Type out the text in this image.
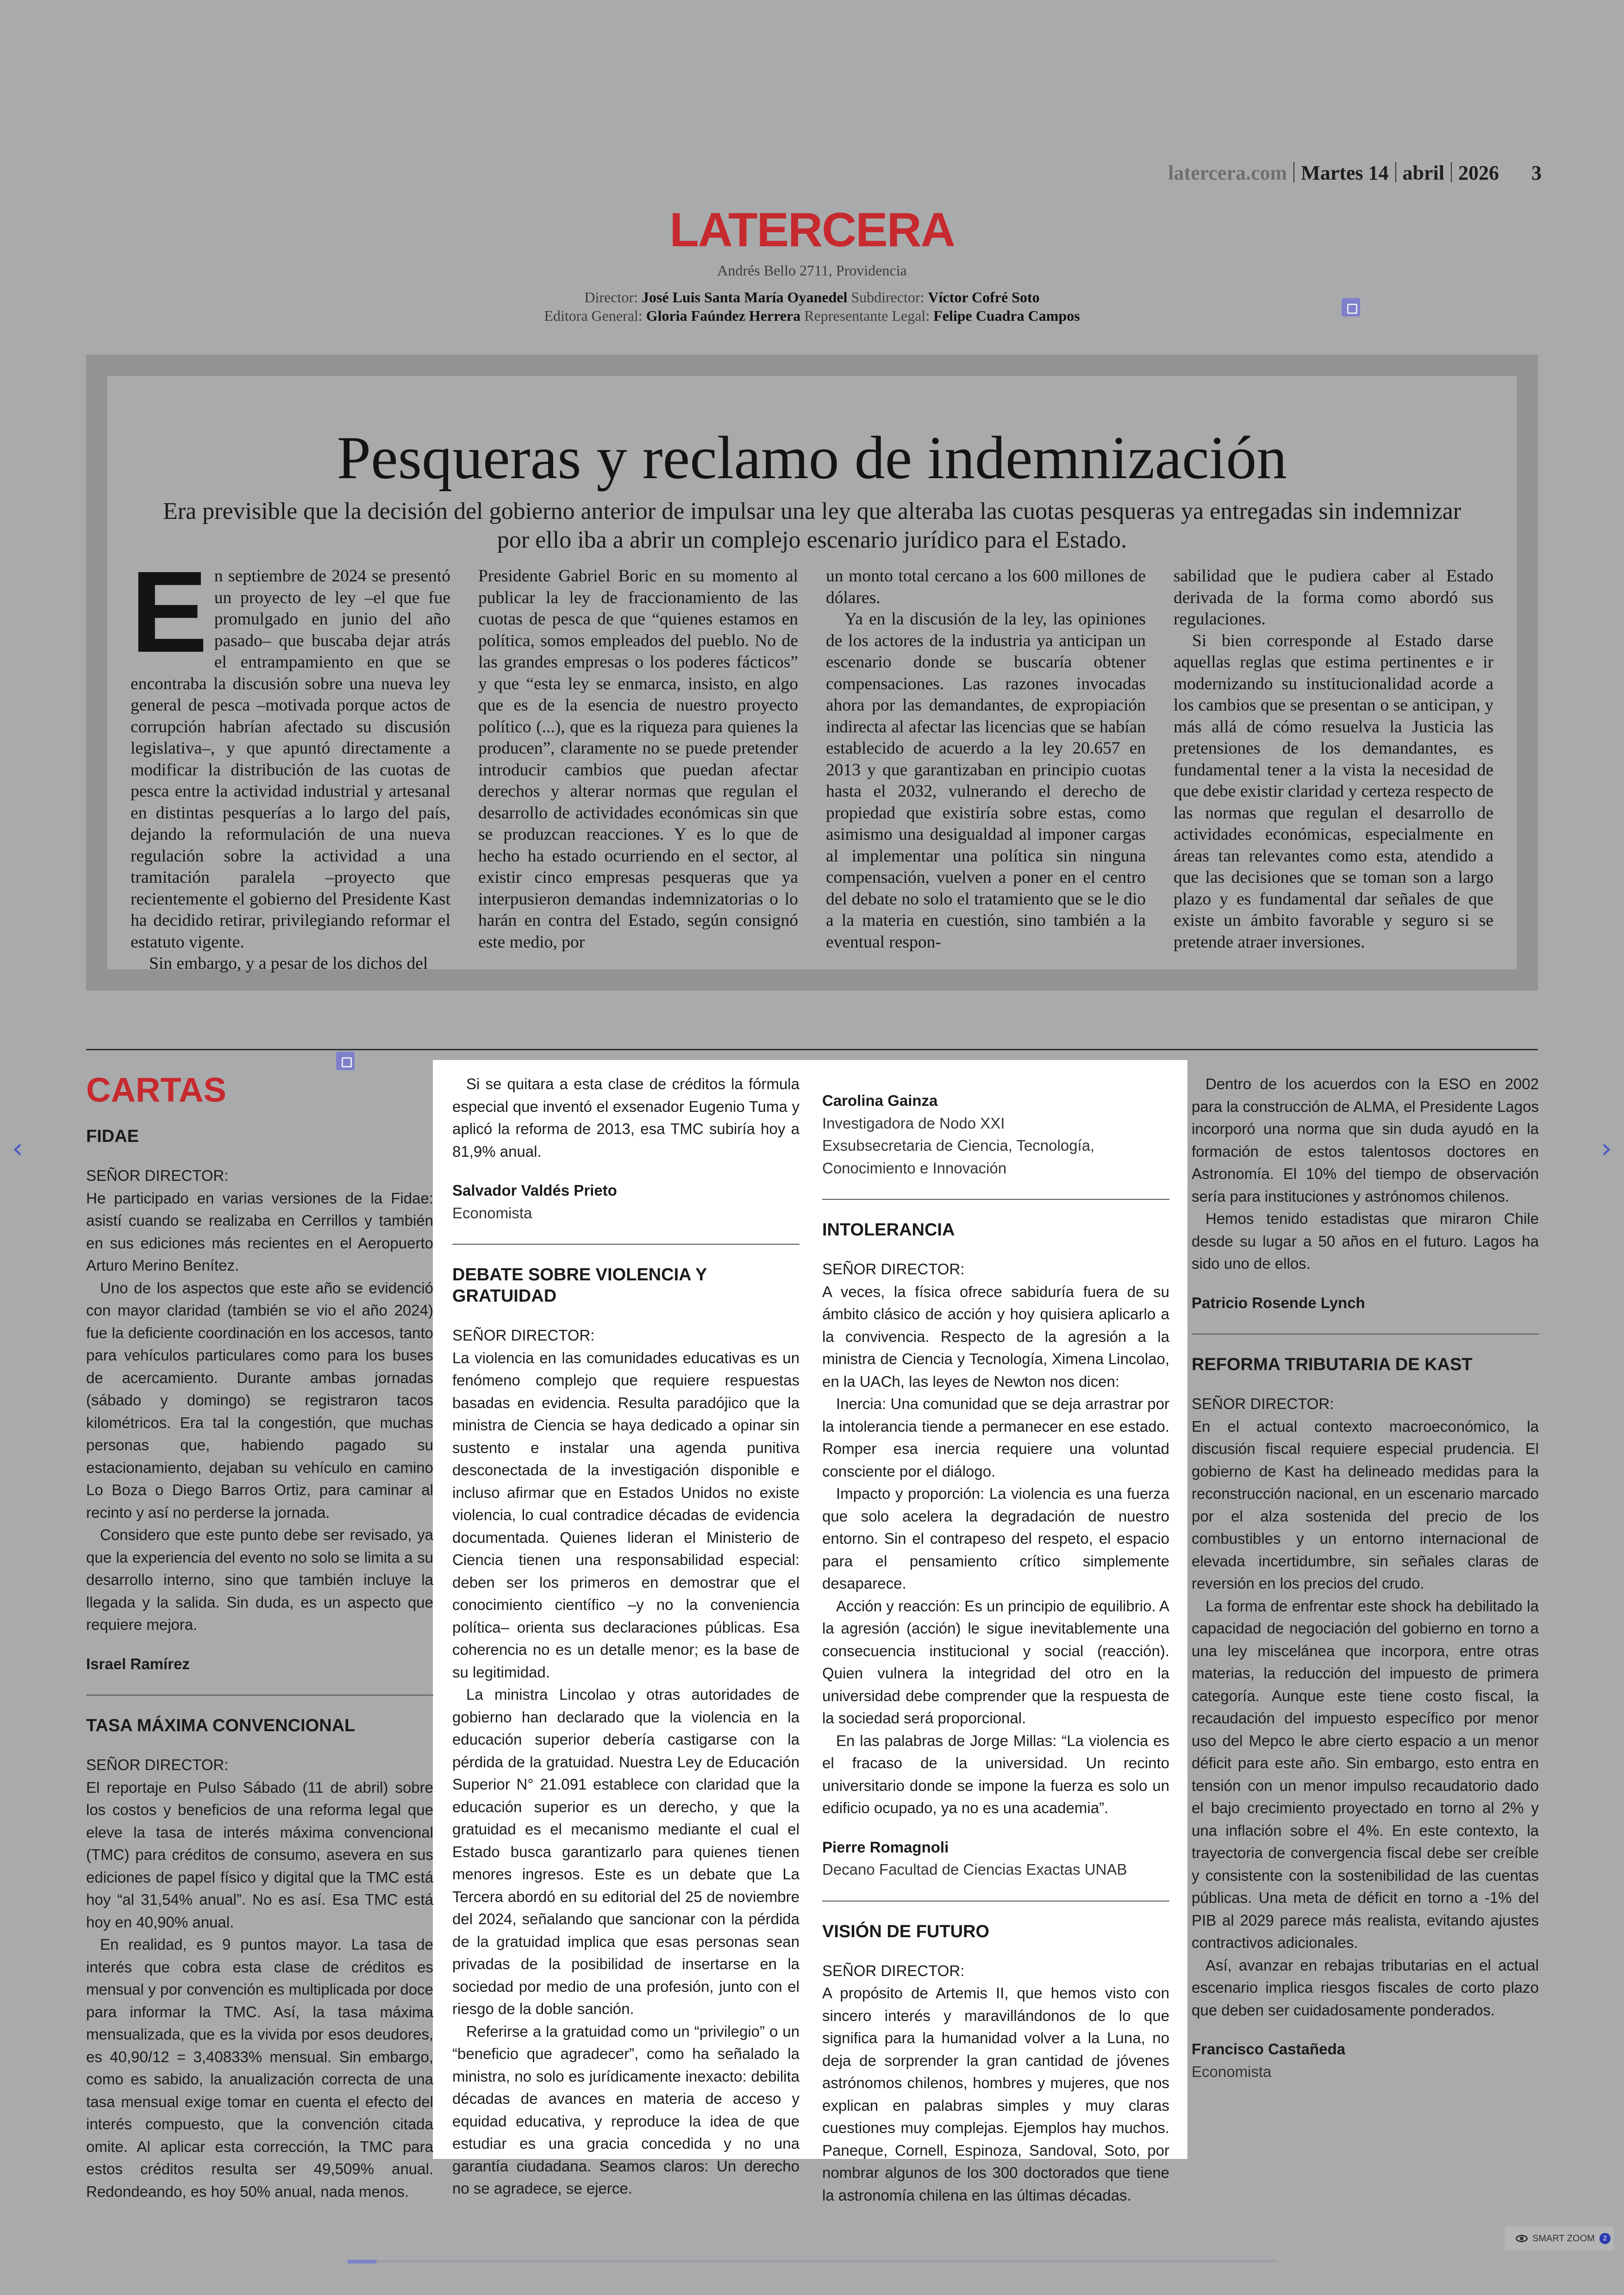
latercera.com Martes 14 abril 2026 3
LATERCERA
Andrés Bello 2711, Providencia
Director: José Luis Santa María Oyanedel Subdirector: Víctor Cofré Soto
Editora General: Gloria Faúndez Herrera Representante Legal: Felipe Cuadra Campos
Pesqueras y reclamo de indemnización
Era previsible que la decisión del gobierno anterior de impulsar una ley que alteraba las cuotas pesqueras ya entregadas sin indemnizar por ello iba a abrir un complejo escenario jurídico para el Estado.
E n septiembre de 2024 se presentó un proyecto de ley –el que fue promulgado en junio del año pasado– que buscaba dejar atrás el entrampamiento en que se encontraba la discusión sobre una nueva ley general de pesca –motivada porque actos de corrupción habrían afectado su discusión legislativa–, y que apuntó directamente a modificar la distribución de las cuotas de pesca entre la actividad industrial y artesanal en distintas pesquerías a lo largo del país, dejando la reformulación de una nueva regulación sobre la actividad a una tramitación paralela –proyecto que recientemente el gobierno del Presidente Kast ha decidido retirar, privilegiando reformar el estatuto vigente.

Sin embargo, y a pesar de los dichos del

Presidente Gabriel Boric en su momento al publicar la ley de fraccionamiento de las cuotas de pesca de que “quienes estamos en política, somos empleados del pueblo. No de las grandes empresas o los poderes fácticos” y que “esta ley se enmarca, insisto, en algo que es de la esencia de nuestro proyecto político (...), que es la riqueza para quienes la producen”, claramente no se puede pretender introducir cambios que puedan afectar derechos y alterar normas que regulan el desarrollo de actividades económicas sin que se produzcan reacciones. Y es lo que de hecho ha estado ocurriendo en el sector, al existir cinco empresas pesqueras que ya interpusieron demandas indemnizatorias o lo harán en contra del Estado, según consignó este medio, por

un monto total cercano a los 600 millones de dólares.

Ya en la discusión de la ley, las opiniones de los actores de la industria ya anticipan un escenario donde se buscaría obtener compensaciones. Las razones invocadas ahora por las demandantes, de expropiación indirecta al afectar las licencias que se habían establecido de acuerdo a la ley 20.657 en 2013 y que garantizaban en principio cuotas hasta el 2032, vulnerando el derecho de propiedad que existiría sobre estas, como asimismo una desigualdad al imponer cargas al implementar una política sin ninguna compensación, vuelven a poner en el centro del debate no solo el tratamiento que se le dio a la materia en cuestión, sino también a la eventual respon-

sabilidad que le pudiera caber al Estado derivada de la forma como abordó sus regulaciones.

Si bien corresponde al Estado darse aquellas reglas que estima pertinentes e ir modernizando su institucionalidad acorde a los cambios que se presentan o se anticipan, y más allá de cómo resuelva la Justicia las pretensiones de los demandantes, es fundamental tener a la vista la necesidad de que debe existir claridad y certeza respecto de las normas que regulan el desarrollo de actividades económicas, especialmente en áreas tan relevantes como esta, atendido a que las decisiones que se toman son a largo plazo y es fundamental dar señales de que existe un ámbito favorable y seguro si se pretende atraer inversiones.

CARTAS
FIDAE

SEÑOR DIRECTOR:

He participado en varias versiones de la Fidae: asistí cuando se realizaba en Cerrillos y también en sus ediciones más recientes en el Aeropuerto Arturo Merino Benítez.

Uno de los aspectos que este año se evidenció con mayor claridad (también se vio el año 2024) fue la deficiente coordinación en los accesos, tanto para vehículos particulares como para los buses de acercamiento. Durante ambas jornadas (sábado y domingo) se registraron tacos kilométricos. Era tal la congestión, que muchas personas que, habiendo pagado su estacionamiento, dejaban su vehículo en camino Lo Boza o Diego Barros Ortiz, para caminar al recinto y así no perderse la jornada.

Considero que este punto debe ser revisado, ya que la experiencia del evento no solo se limita a su desarrollo interno, sino que también incluye la llegada y la salida. Sin duda, es un aspecto que requiere mejora.

Israel Ramírez

TASA MÁXIMA CONVENCIONAL

SEÑOR DIRECTOR:

El reportaje en Pulso Sábado (11 de abril) sobre los costos y beneficios de una reforma legal que eleve la tasa de interés máxima convencional (TMC) para créditos de consumo, asevera en sus ediciones de papel físico y digital que la TMC está hoy “al 31,54% anual”. No es así. Esa TMC está hoy en 40,90% anual.

En realidad, es 9 puntos mayor. La tasa de interés que cobra esta clase de créditos es mensual y por convención es multiplicada por doce para informar la TMC. Así, la tasa máxima mensualizada, que es la vivida por esos deudores, es 40,90/12 = 3,40833% mensual. Sin embargo, como es sabido, la anualización correcta de una tasa mensual exige tomar en cuenta el efecto del interés compuesto, que la convención citada omite. Al aplicar esta corrección, la TMC para estos créditos resulta ser 49,509% anual. Redondeando, es hoy 50% anual, nada menos.

Si se quitara a esta clase de créditos la fórmula especial que inventó el exsenador Eugenio Tuma y aplicó la reforma de 2013, esa TMC subiría hoy a 81,9% anual.

Salvador Valdés Prieto

Economista

DEBATE SOBRE VIOLENCIA Y GRATUIDAD

SEÑOR DIRECTOR:

La violencia en las comunidades educativas es un fenómeno complejo que requiere respuestas basadas en evidencia. Resulta paradójico que la ministra de Ciencia se haya dedicado a opinar sin sustento e instalar una agenda punitiva desconectada de la investigación disponible e incluso afirmar que en Estados Unidos no existe violencia, lo cual contradice décadas de evidencia documentada. Quienes lideran el Ministerio de Ciencia tienen una responsabilidad especial: deben ser los primeros en demostrar que el conocimiento científico –y no la conveniencia política– orienta sus declaraciones públicas. Esa coherencia no es un detalle menor; es la base de su legitimidad.

La ministra Lincolao y otras autoridades de gobierno han declarado que la violencia en la educación superior debería castigarse con la pérdida de la gratuidad. Nuestra Ley de Educación Superior N° 21.091 establece con claridad que la educación superior es un derecho, y que la gratuidad es el mecanismo mediante el cual el Estado busca garantizarlo para quienes tienen menores ingresos. Este es un debate que La Tercera abordó en su editorial del 25 de noviembre del 2024, señalando que sancionar con la pérdida de la gratuidad implica que esas personas sean privadas de la posibilidad de insertarse en la sociedad por medio de una profesión, junto con el riesgo de la doble sanción.

Referirse a la gratuidad como un “privilegio” o un “beneficio que agradecer”, como ha señalado la ministra, no solo es jurídicamente inexacto: debilita décadas de avances en materia de acceso y equidad educativa, y reproduce la idea de que estudiar es una gracia concedida y no una garantía ciudadana. Seamos claros: Un derecho no se agradece, se ejerce.

Carolina Gainza

Investigadora de Nodo XXI

Exsubsecretaria de Ciencia, Tecnología, Conocimiento e Innovación

INTOLERANCIA

SEÑOR DIRECTOR:

A veces, la física ofrece sabiduría fuera de su ámbito clásico de acción y hoy quisiera aplicarlo a la convivencia. Respecto de la agresión a la ministra de Ciencia y Tecnología, Ximena Lincolao, en la UACh, las leyes de Newton nos dicen:

Inercia: Una comunidad que se deja arrastrar por la intolerancia tiende a permanecer en ese estado. Romper esa inercia requiere una voluntad consciente por el diálogo.

Impacto y proporción: La violencia es una fuerza que solo acelera la degradación de nuestro entorno. Sin el contrapeso del respeto, el espacio para el pensamiento crítico simplemente desaparece.

Acción y reacción: Es un principio de equilibrio. A la agresión (acción) le sigue inevitablemente una consecuencia institucional y social (reacción). Quien vulnera la integridad del otro en la universidad debe comprender que la respuesta de la sociedad será proporcional.

En las palabras de Jorge Millas: “La violencia es el fracaso de la universidad. Un recinto universitario donde se impone la fuerza es solo un edificio ocupado, ya no es una academia”.

Pierre Romagnoli

Decano Facultad de Ciencias Exactas UNAB

VISIÓN DE FUTURO

SEÑOR DIRECTOR:

A propósito de Artemis II, que hemos visto con sincero interés y maravillándonos de lo que significa para la humanidad volver a la Luna, no deja de sorprender la gran cantidad de jóvenes astrónomos chilenos, hombres y mujeres, que nos explican en palabras simples y muy claras cuestiones muy complejas. Ejemplos hay muchos. Paneque, Cornell, Espinoza, Sandoval, Soto, por nombrar algunos de los 300 doctorados que tiene la astronomía chilena en las últimas décadas.

Dentro de los acuerdos con la ESO en 2002 para la construcción de ALMA, el Presidente Lagos incorporó una norma que sin duda ayudó en la formación de estos talentosos doctores en Astronomía. El 10% del tiempo de observación sería para instituciones y astrónomos chilenos.

Hemos tenido estadistas que miraron Chile desde su lugar a 50 años en el futuro. Lagos ha sido uno de ellos.

Patricio Rosende Lynch

REFORMA TRIBUTARIA DE KAST

SEÑOR DIRECTOR:

En el actual contexto macroeconómico, la discusión fiscal requiere especial prudencia. El gobierno de Kast ha delineado medidas para la reconstrucción nacional, en un escenario marcado por el alza sostenida del precio de los combustibles y un entorno internacional de elevada incertidumbre, sin señales claras de reversión en los precios del crudo.

La forma de enfrentar este shock ha debilitado la capacidad de negociación del gobierno en torno a una ley miscelánea que incorpora, entre otras materias, la reducción del impuesto de primera categoría. Aunque este tiene costo fiscal, la recaudación del impuesto específico por menor uso del Mepco le abre cierto espacio a un menor déficit para este año. Sin embargo, esto entra en tensión con un menor impulso recaudatorio dado el bajo crecimiento proyectado en torno al 2% y una inflación sobre el 4%. En este contexto, la trayectoria de convergencia fiscal debe ser creíble y consistente con la sostenibilidad de las cuentas públicas. Una meta de déficit en torno a -1% del PIB al 2029 parece más realista, evitando ajustes contractivos adicionales.

Así, avanzar en rebajas tributarias en el actual escenario implica riesgos fiscales de corto plazo que deben ser cuidadosamente ponderados.

Francisco Castañeda

Economista

‹	›
SMART ZOOM	2
